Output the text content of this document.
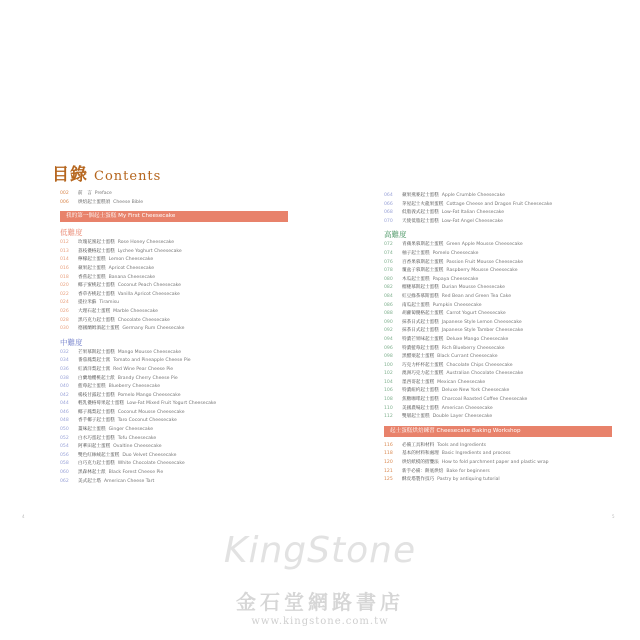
目錄 Contents
002 前　言 Preface
006 烘焙起士蛋糕須 Cheese Bible
我的第一個起士蛋糕 My First Cheesecake
低難度
012 玫瑰花蜜起士蛋糕 Rose Honey Cheesecake
013 荔枝優格起士蛋糕 Lychee Yoghurt Cheesecake
014 檸檬起士蛋糕 Lemon Cheesecake
016 蘋果起士蛋糕 Apricot Cheesecake
018 香蕉起士蛋糕 Banana Cheesecake
020 椰子蜜桃起士蛋糕 Coconut Peach Cheesecake
022 香草杏桃起士蛋糕 Vanilla Apricot Cheesecake
024 提拉米蘇 Tiramisu
026 大理石起士蛋糕 Marble Cheesecake
028 黑巧克力起士蛋糕 Chocolate Cheesecake
030 德國蘭姆酒起士蛋糕 Germany Rum Cheesecake
中難度
032 芒果慕斯起士蛋糕 Mango Mousse Cheesecake
034 番茄鳳梨起士派 Tomato and Pineapple Cheese Pie
036 紅酒洋梨起士派 Red Wine Pear Cheese Pie
038 白蘭地櫻桃起士派 Brandy Cherry Cheese Pie
040 藍莓起士蛋糕 Blueberry Cheesecake
042 楊枝甘露起士蛋糕 Pomelo Mango Cheesecake
044 輕乳優格莓果起士蛋糕 Low-Fat Mixed Fruit Yogurt Cheesecake
046 椰子鳳梨起士蛋糕 Coconut Mousse Cheesecake
048 香芋椰子起士蛋糕 Taro Coconut Cheesecake
050 薑味起士蛋糕 Ginger Cheesecake
052 白水巧蛋起士蛋糕 Tofu Cheesecake
054 阿華田起士蛋糕 Ovaltine Cheesecake
056 雙色紅絲絨起士蛋糕 Duo Velvet Cheesecake
058 白巧克力起士蛋糕 White Chocolate Cheesecake
060 黑森林起士派 Black Forest Cheese Pie
062 美式起士塔 American Cheese Tart
064 蘋果燕麥起士蛋糕 Apple Crumble Cheesecake
066 茅屋起士火龍果蛋糕 Cottage Cheese and Dragon Fruit Cheesecake
068 低脂義式起士蛋糕 Low-Fat Italian Cheesecake
070 天使低脂起士蛋糕 Low-Fat Angel Cheesecake
高難度
072 青蘋果慕斯起士蛋糕 Green Apple Mousse Cheesecake
074 柚子起士蛋糕 Pomelo Cheesecake
076 百香果慕斯起士蛋糕 Passion Fruit Mousse Cheesecake
078 覆盆子慕斯起士蛋糕 Raspberry Mousse Cheesecake
080 木瓜起士蛋糕 Papaya Cheesecake
082 榴槤慕斯起士蛋糕 Durian Mousse Cheesecake
084 紅豆綠茶慕斯蛋糕 Red Bean and Green Tea Cake
086 南瓜起士蛋糕 Pumpkin Cheesecake
088 胡蘿蔔優格起士蛋糕 Carrot Yogurt Cheesecake
090 抹茶日式起士蛋糕 Japanese Style Lemon Cheesecake
092 抹茶日式起士蛋糕 Japanese Style Tamber Cheesecake
094 特濃芒果味起士蛋糕 Deluxe Mango Cheesecake
096 特濃藍莓起士蛋糕 Rich Blueberry Cheesecake
098 黑醋栗起士蛋糕 Black Currant Cheesecake
100 巧克力杯杯起士蛋糕 Chocolate Chips Cheesecake
102 澳洲巧克力起士蛋糕 Australian Chocolate Cheesecake
104 墨西哥起士蛋糕 Mexican Cheesecake
106 特濃紐約起士蛋糕 Deluxe New York Cheesecake
108 焦糖咖啡起士蛋糕 Charcoal Roasted Coffee Cheesecake
110 美國農場起士蛋糕 American Cheesecake
112 雙層起士蛋糕 Double Layer Cheesecake
起士蛋糕烘焙練習 Cheesecake Baking Workshop
116 必備工具和材料 Tools and Ingredients
118 基本的材料和處理 Basic Ingredients and process
120 烘焙紙模的摺疊法 How to fold parchment paper and plastic wrap
121 新手必備：餅底烘焙 Bake for beginners
125 酥皮塔製作技巧 Pastry by antiquing tutorial
4	5
KingStone
金石堂網路書店
www.kingstone.com.tw
